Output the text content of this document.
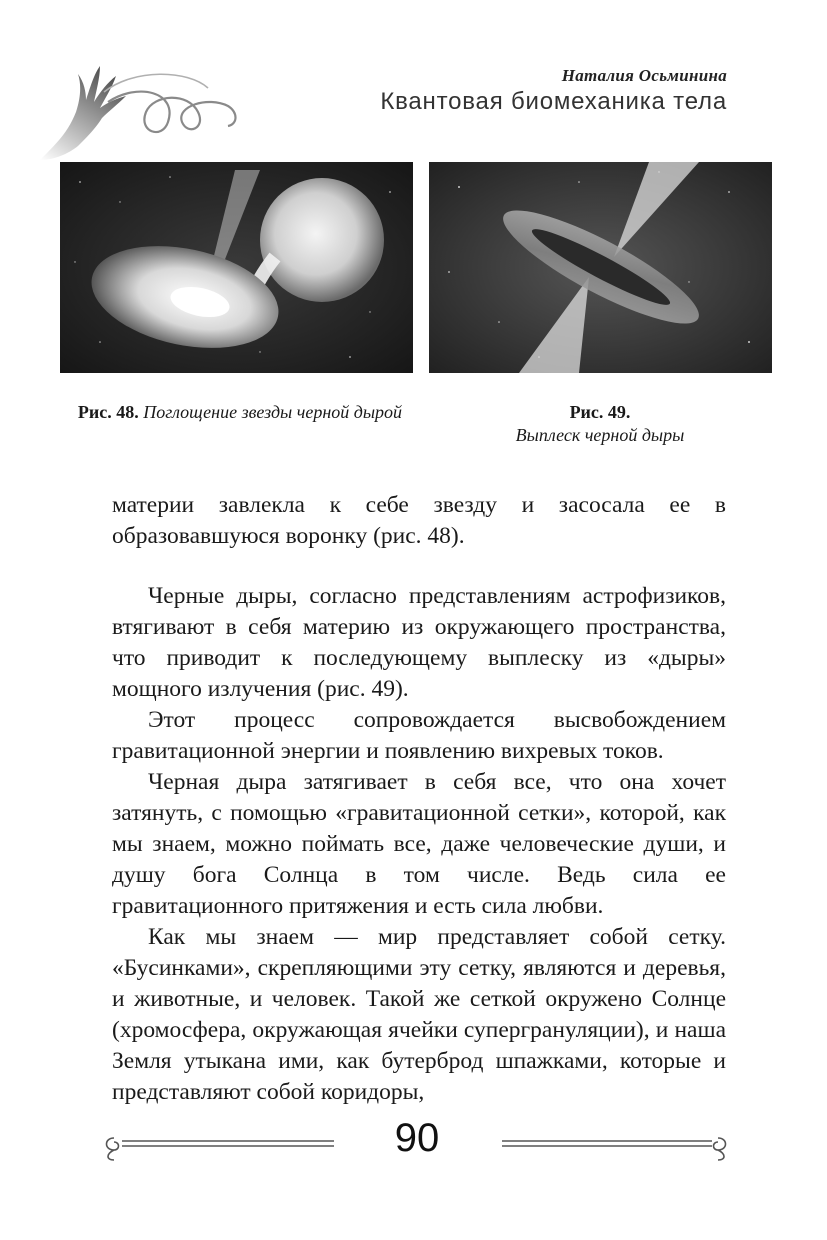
Наталия Осьминина
Квантовая биомеханика тела
Рис. 48. Поглощение звезды черной дырой	Рис. 49.
Выплеск черной дыры

материи завлекла к себе звезду и засосала ее в образовавшуюся воронку (рис. 48).

Черные дыры, согласно представлениям астрофизиков, втягивают в себя материю из окружающего пространства, что приводит к последующему выплеску из «дыры» мощного излучения (рис. 49).

Этот процесс сопровождается высвобождением гравитационной энергии и появлению вихревых токов.

Черная дыра затягивает в себя все, что она хочет затянуть, с помощью «гравитационной сетки», которой, как мы знаем, можно поймать все, даже человеческие души, и душу бога Солнца в том числе. Ведь сила ее гравитационного притяжения и есть сила любви.

Как мы знаем — мир представляет собой сетку. «Бусинками», скрепляющими эту сетку, являются и деревья, и животные, и человек. Такой же сеткой окружено Солнце (хромосфера, окружающая ячейки супергрануляции), и наша Земля утыкана ими, как бутерброд шпажками, которые и представляют собой коридоры,

90
